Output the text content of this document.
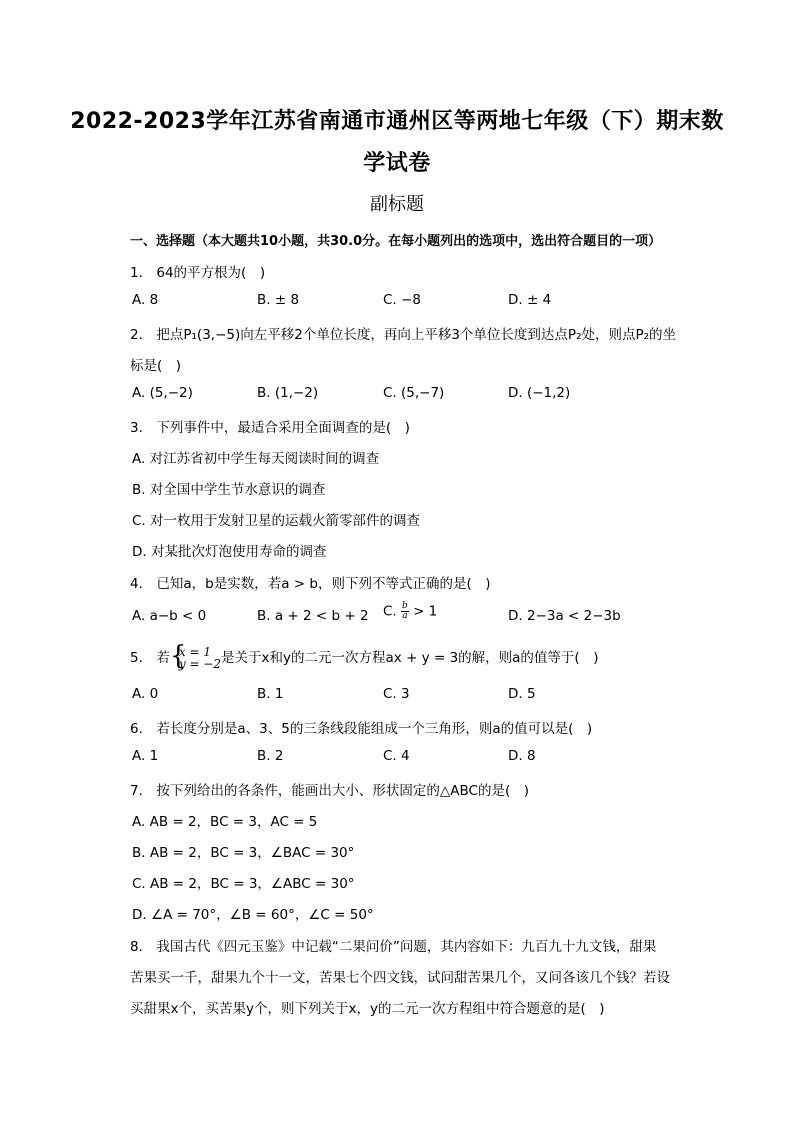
2022-2023学年江苏省南通市通州区等两地七年级（下）期末数
学试卷
副标题
一、选择题（本大题共10小题，共30.0分。在每小题列出的选项中，选出符合题目的一项）
1.　64的平方根为(　)
A. 8	B. ± 8	C. −8	D. ± 4
2.　把点P₁(3,−5)向左平移2个单位长度，再向上平移3个单位长度到达点P₂处，则点P₂的坐
标是(　)
A. (5,−2)	B. (1,−2)	C. (5,−7)	D. (−1,2)
3.　下列事件中，最适合采用全面调查的是(　)
A. 对江苏省初中学生每天阅读时间的调查
B. 对全国中学生节水意识的调查
C. 对一枚用于发射卫星的运载火箭零部件的调查
D. 对某批次灯泡使用寿命的调查
4.　已知a，b是实数，若a > b，则下列不等式正确的是(　)
A. a−b < 0	B. a + 2 < b + 2 C. $\frac{b}{a} > 1$	D. 2−3a < 2−3b
5.　若 {
x = 1
y = −2 是关于x和y的二元一次方程ax + y = 3的解，则a的值等于(　)
A. 0	B. 1	C. 3	D. 5
6.　若长度分别是a、3、5的三条线段能组成一个三角形，则a的值可以是(　)
A. 1	B. 2	C. 4	D. 8
7.　按下列给出的各条件，能画出大小、形状固定的△ABC的是(　)
A. AB = 2，BC = 3，AC = 5
B. AB = 2，BC = 3，∠BAC = 30°
C. AB = 2，BC = 3，∠ABC = 30°
D. ∠A = 70°，∠B = 60°，∠C = 50°
8.　我国古代《四元玉鉴》中记载“二果问价”问题，其内容如下：九百九十九文钱，甜果
苦果买一千，甜果九个十一文，苦果七个四文钱，试问甜苦果几个，又问各该几个钱？若设
买甜果x个，买苦果y个，则下列关于x，y的二元一次方程组中符合题意的是(　)
